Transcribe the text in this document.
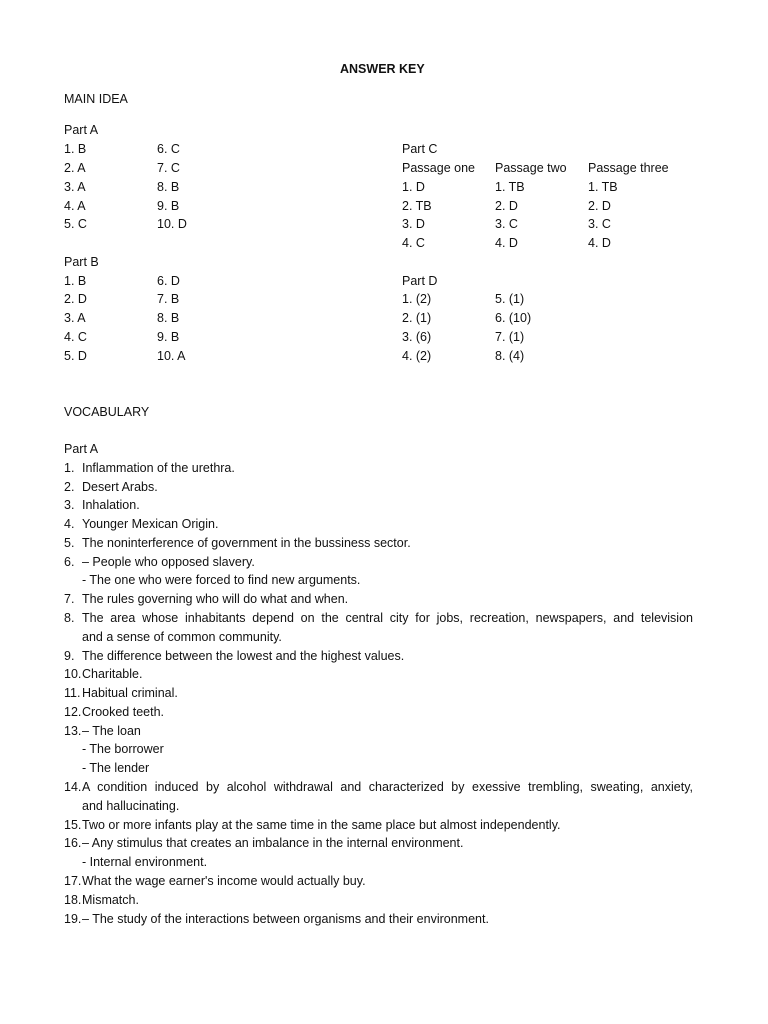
ANSWER KEY
MAIN IDEA
Part A
1. B
2. A
3. A
4. A
5. C
6. C
7. C
8. B
9. B
10. D
Part B
1. B
2. D
3. A
4. C
5. D
6. D
7. B
8. B
9. B
10. A
Part C
Passage one Passage two Passage three
1. D
2. TB
3. D
4. C
1. TB
2. D
3. C
4. D
1. TB
2. D
3. C
4. D
Part D
1. (2)
2. (1)
3. (6)
4. (2)
5. (1)
6. (10)
7. (1)
8. (4)
VOCABULARY
Part A
1. Inflammation of the urethra.
2. Desert Arabs.
3. Inhalation.
4. Younger Mexican Origin.
5. The noninterference of government in the bussiness sector.
6. – People who opposed slavery.
- The one who were forced to find new arguments.
7. The rules governing who will do what and when.
8. The area whose inhabitants depend on the central city for jobs, recreation, newspapers, and television
and a sense of common community.
9. The difference between the lowest and the highest values.
10. Charitable.
11. Habitual criminal.
12. Crooked teeth.
13. – The loan
- The borrower
- The lender
14. A condition induced by alcohol withdrawal and characterized by exessive trembling, sweating, anxiety,
and hallucinating.
15. Two or more infants play at the same time in the same place but almost independently.
16. – Any stimulus that creates an imbalance in the internal environment.
- Internal environment.
17. What the wage earner's income would actually buy.
18. Mismatch.
19. – The study of the interactions between organisms and their environment.
